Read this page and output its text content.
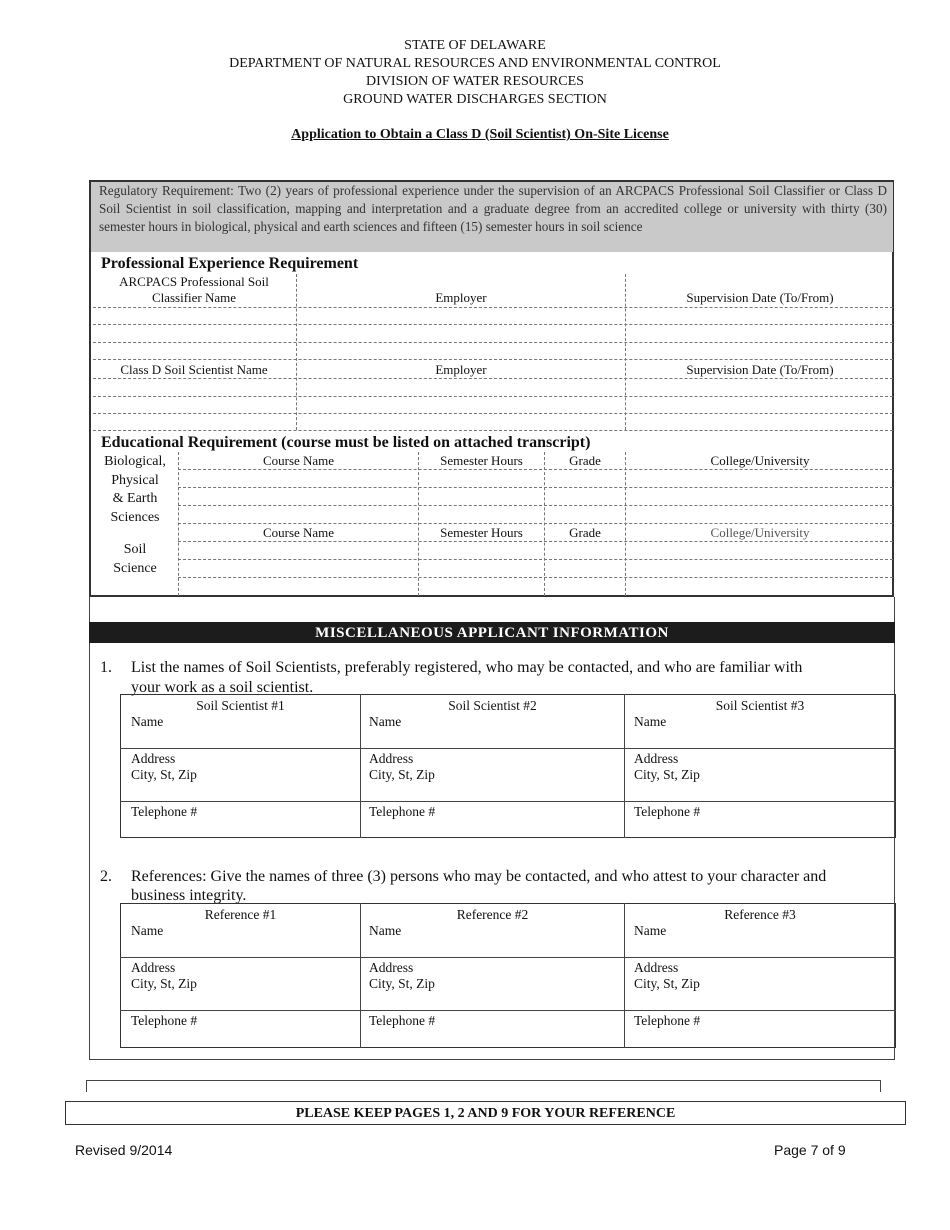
STATE OF DELAWARE
DEPARTMENT OF NATURAL RESOURCES AND ENVIRONMENTAL CONTROL
DIVISION OF WATER RESOURCES
GROUND WATER DISCHARGES SECTION
Application to Obtain a Class D (Soil Scientist) On-Site License
Regulatory Requirement: Two (2) years of professional experience under the supervision of an ARCPACS Professional Soil Classifier or Class D Soil Scientist in soil classification, mapping and interpretation and a graduate degree from an accredited college or university with thirty (30) semester hours in biological, physical and earth sciences and fifteen (15) semester hours in soil science
Professional Experience Requirement
ARCPACS Professional Soil
Classifier Name	Employer	Supervision Date (To/From)
Class D Soil Scientist Name	Employer	Supervision Date (To/From)
Educational Requirement (course must be listed on attached transcript)
Biological,
Physical
& Earth
Sciences
Course Name	Semester Hours	Grade	College/University
Course Name	Semester Hours	Grade	College/University
Soil
Science
MISCELLANEOUS APPLICANT INFORMATION
1. List the names of Soil Scientists, preferably registered, who may be contacted, and who are familiar with
your work as a soil scientist.
Soil Scientist #1	Soil Scientist #2	Soil Scientist #3
Name	Name	Name
Address	Address	Address
City, St, Zip	City, St, Zip	City, St, Zip
Telephone #	Telephone #	Telephone #
2. References: Give the names of three (3) persons who may be contacted, and who attest to your character and
business integrity.
Reference #1	Reference #2	Reference #3
Name	Name	Name
Address	Address	Address
City, St, Zip	City, St, Zip	City, St, Zip
Telephone #	Telephone #	Telephone #
PLEASE KEEP PAGES 1, 2 AND 9 FOR YOUR REFERENCE
Revised 9/2014	Page 7 of 9
